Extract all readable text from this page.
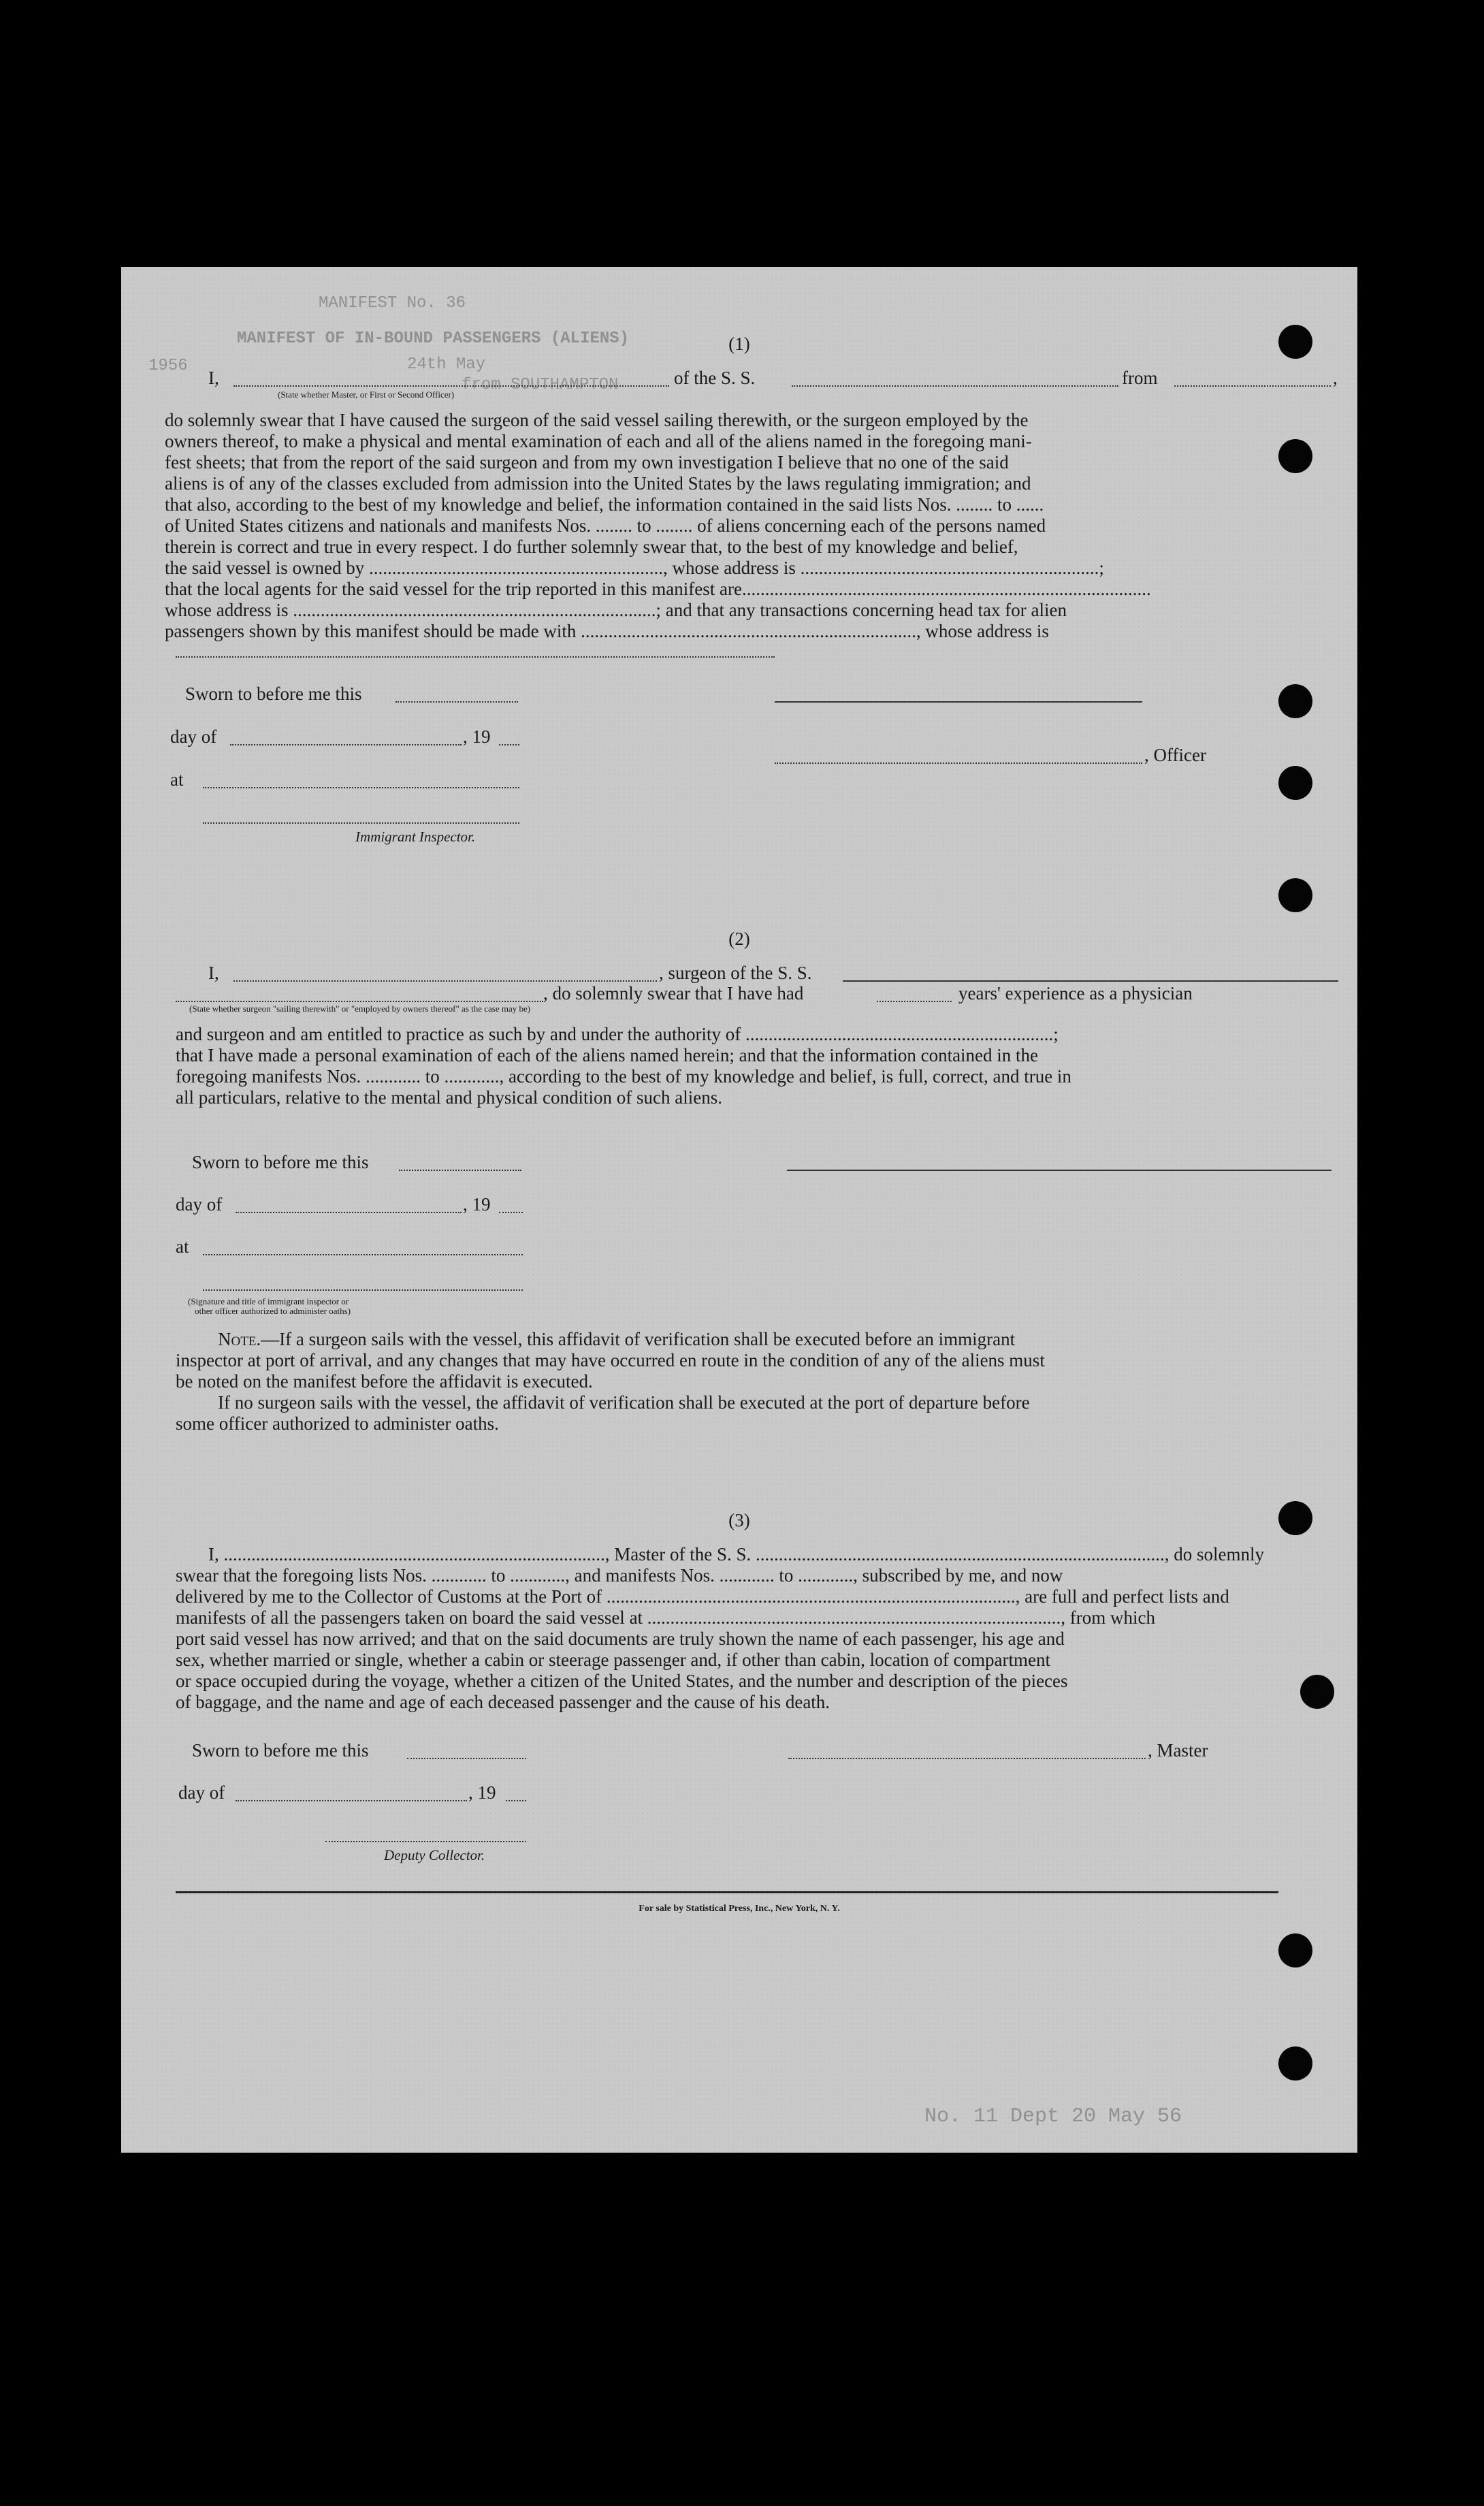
MANIFEST No. 36
MANIFEST OF IN-BOUND PASSENGERS (ALIENS)
24th May
from SOUTHAMPTON
1956
(1)
I,	of the S. S.	from	,
(State whether Master, or First or Second Officer)
do solemnly swear that I have caused the surgeon of the said vessel sailing therewith, or the surgeon employed by the
owners thereof, to make a physical and mental examination of each and all of the aliens named in the foregoing mani-
fest sheets; that from the report of the said surgeon and from my own investigation I believe that no one of the said
aliens is of any of the classes excluded from admission into the United States by the laws regulating immigration; and
that also, according to the best of my knowledge and belief, the information contained in the said lists Nos. ........ to ......
of United States citizens and nationals and manifests Nos. ........ to ........ of aliens concerning each of the persons named
therein is correct and true in every respect. I do further solemnly swear that, to the best of my knowledge and belief,
the said vessel is owned by ................................................................, whose address is .................................................................;
that the local agents for the said vessel for the trip reported in this manifest are.........................................................................................
whose address is ...............................................................................; and that any transactions concerning head tax for alien
passengers shown by this manifest should be made with ........................................................................., whose address is
Sworn to before me this
day of	, 19
, Officer
at
Immigrant Inspector.
(2)
I,	, surgeon of the S. S.
, do solemnly swear that I have had	years' experience as a physician
(State whether surgeon "sailing therewith" or "employed by owners thereof" as the case may be)
and surgeon and am entitled to practice as such by and under the authority of ...................................................................;
that I have made a personal examination of each of the aliens named herein; and that the information contained in the
foregoing manifests Nos. ............ to ............, according to the best of my knowledge and belief, is full, correct, and true in
all particulars, relative to the mental and physical condition of such aliens.
Sworn to before me this
day of	, 19
at
(Signature and title of immigrant inspector or
other officer authorized to administer oaths)
Note.—If a surgeon sails with the vessel, this affidavit of verification shall be executed before an immigrant
inspector at port of arrival, and any changes that may have occurred en route in the condition of any of the aliens must
be noted on the manifest before the affidavit is executed.
If no surgeon sails with the vessel, the affidavit of verification shall be executed at the port of departure before
some officer authorized to administer oaths.
(3)
I, ..................................................................................., Master of the S. S. ........................................................................................., do solemnly
swear that the foregoing lists Nos. ............ to ............, and manifests Nos. ............ to ............, subscribed by me, and now
delivered by me to the Collector of Customs at the Port of ........................................................................................., are full and perfect lists and
manifests of all the passengers taken on board the said vessel at .........................................................................................., from which
port said vessel has now arrived; and that on the said documents are truly shown the name of each passenger, his age and
sex, whether married or single, whether a cabin or steerage passenger and, if other than cabin, location of compartment
or space occupied during the voyage, whether a citizen of the United States, and the number and description of the pieces
of baggage, and the name and age of each deceased passenger and the cause of his death.
Sworn to before me this	, Master
day of	, 19
Deputy Collector.
For sale by Statistical Press, Inc., New York, N. Y.
No. 11 Dept 20 May 56
